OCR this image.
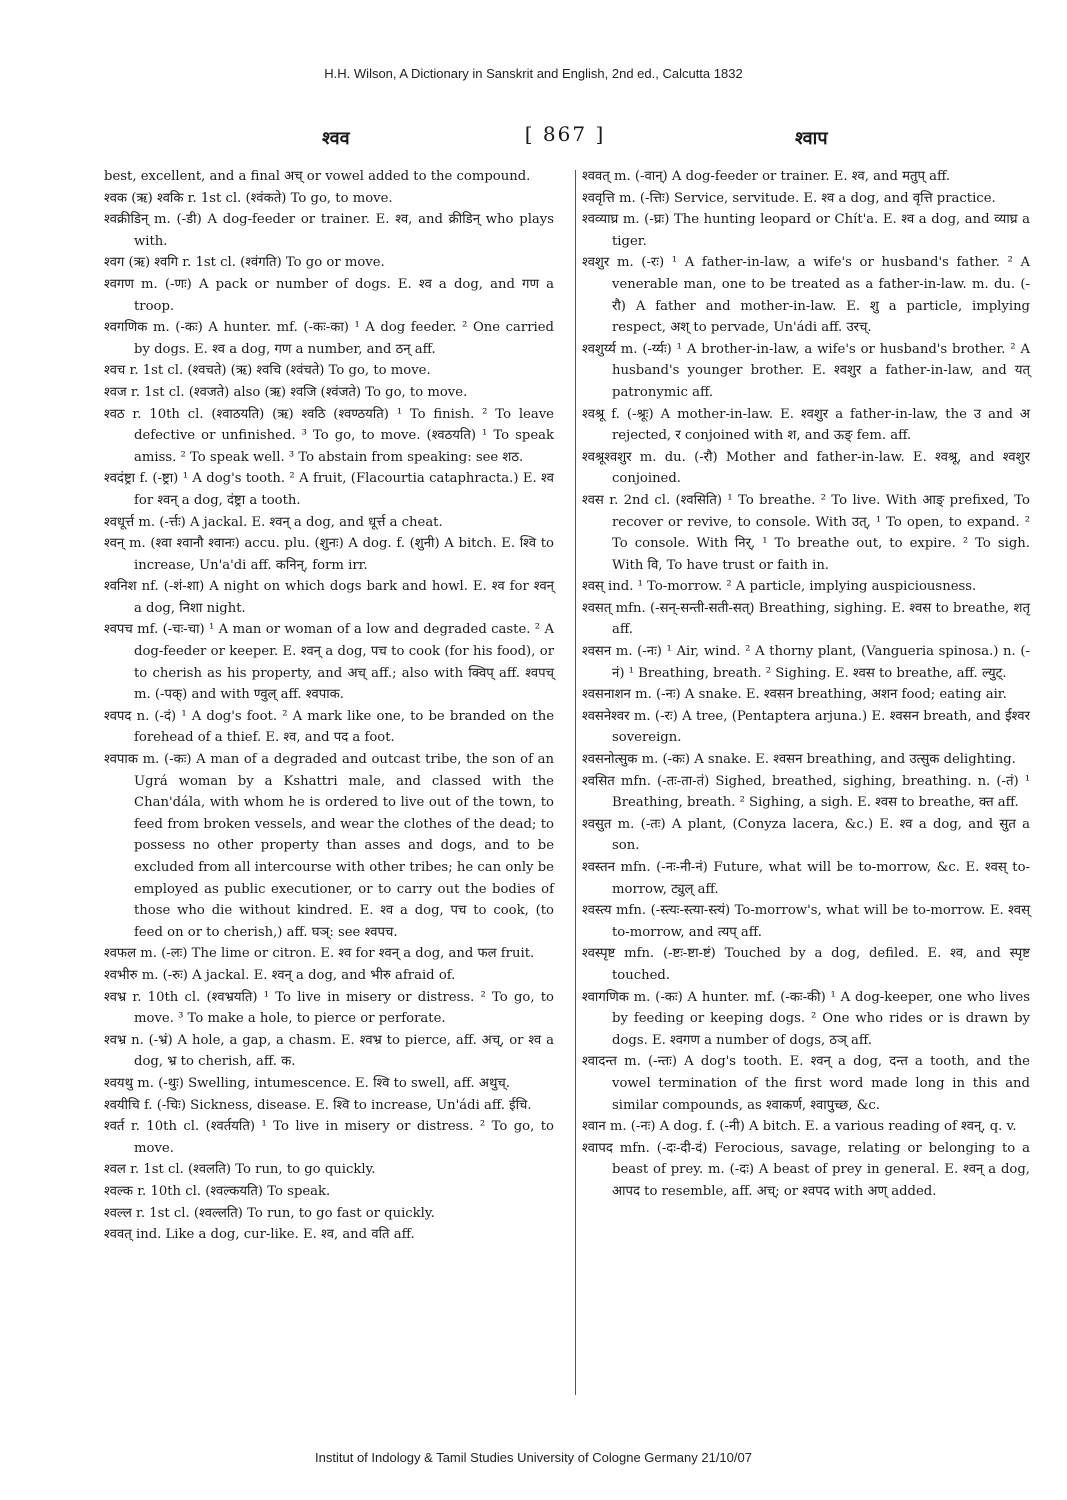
H.H. Wilson, A Dictionary in Sanskrit and English, 2nd ed., Calcutta 1832
श्वव	[ 867 ]	श्वाप

best, excellent, and a final अच् or vowel added to the compound.

श्वक (ऋ) श्वकि r. 1st cl. (श्वंकते) To go, to move.

श्वक्रीडिन् m. (-डी) A dog-feeder or trainer. E. श्व, and क्रीडिन् who plays with.

श्वग (ऋ) श्वगि r. 1st cl. (श्वंगति) To go or move.

श्वगण m. (-णः) A pack or number of dogs. E. श्व a dog, and गण a troop.

श्वगणिक m. (-कः) A hunter. mf. (-कः-का) ¹ A dog feeder. ² One carried by dogs. E. श्व a dog, गण a number, and ठन् aff.

श्वच r. 1st cl. (श्वचते) (ऋ) श्वचि (श्वंचते) To go, to move.

श्वज r. 1st cl. (श्वजते) also (ऋ) श्वजि (श्वंजते) To go, to move.

श्वठ r. 10th cl. (श्वाठयति) (ऋ) श्वठि (श्वण्ठयति) ¹ To finish. ² To leave defective or unfinished. ³ To go, to move. (श्वठयति) ¹ To speak amiss. ² To speak well. ³ To abstain from speaking: see शठ.

श्वदंष्ट्रा f. (-ष्ट्रा) ¹ A dog's tooth. ² A fruit, (Flacourtia cataphracta.) E. श्व for श्वन् a dog, दंष्ट्रा a tooth.

श्वधूर्त्त m. (-र्त्तः) A jackal. E. श्वन् a dog, and धूर्त्त a cheat.

श्वन् m. (श्वा श्वानौ श्वानः) accu. plu. (शुनः) A dog. f. (शुनी) A bitch. E. श्वि to increase, Un'a'di aff. कनिन्, form irr.

श्वनिश nf. (-शं-शा) A night on which dogs bark and howl. E. श्व for श्वन् a dog, निशा night.

श्वपच mf. (-चः-चा) ¹ A man or woman of a low and degraded caste. ² A dog-feeder or keeper. E. श्वन् a dog, पच to cook (for his food), or to cherish as his property, and अच् aff.; also with क्विप् aff. श्वपच् m. (-पक्) and with ण्वुल् aff. श्वपाक.

श्वपद n. (-दं) ¹ A dog's foot. ² A mark like one, to be branded on the forehead of a thief. E. श्व, and पद a foot.

श्वपाक m. (-कः) A man of a degraded and outcast tribe, the son of an Ugrá woman by a Kshattri male, and classed with the Chan'dála, with whom he is ordered to live out of the town, to feed from broken vessels, and wear the clothes of the dead; to possess no other property than asses and dogs, and to be excluded from all intercourse with other tribes; he can only be employed as public executioner, or to carry out the bodies of those who die without kindred. E. श्व a dog, पच to cook, (to feed on or to cherish,) aff. घञ्: see श्वपच.

श्वफल m. (-लः) The lime or citron. E. श्व for श्वन् a dog, and फल fruit.

श्वभीरु m. (-रुः) A jackal. E. श्वन् a dog, and भीरु afraid of.

श्वभ्र r. 10th cl. (श्वभ्रयति) ¹ To live in misery or distress. ² To go, to move. ³ To make a hole, to pierce or perforate.

श्वभ्र n. (-भ्रं) A hole, a gap, a chasm. E. श्वभ्र to pierce, aff. अच्, or श्व a dog, भ्र to cherish, aff. क.

श्वयथु m. (-थुः) Swelling, intumescence. E. श्वि to swell, aff. अथुच्.

श्वयीचि f. (-चिः) Sickness, disease. E. श्वि to increase, Un'ádi aff. ईचि.

श्वर्त r. 10th cl. (श्वर्तयति) ¹ To live in misery or distress. ² To go, to move.

श्वल r. 1st cl. (श्वलति) To run, to go quickly.

श्वल्क r. 10th cl. (श्वल्कयति) To speak.

श्वल्ल r. 1st cl. (श्वल्लति) To run, to go fast or quickly.

श्ववत् ind. Like a dog, cur-like. E. श्व, and वति aff.

श्ववत् m. (-वान्) A dog-feeder or trainer. E. श्व, and मतुप् aff.

श्ववृत्ति m. (-त्तिः) Service, servitude. E. श्व a dog, and वृत्ति practice.

श्वव्याघ्र m. (-घ्रः) The hunting leopard or Chít'a. E. श्व a dog, and व्याघ्र a tiger.

श्वशुर m. (-रः) ¹ A father-in-law, a wife's or husband's father. ² A venerable man, one to be treated as a father-in-law. m. du. (-रौ) A father and mother-in-law. E. शु a particle, implying respect, अश् to pervade, Un'ádi aff. उरच्.

श्वशुर्य्य m. (-र्य्यः) ¹ A brother-in-law, a wife's or husband's brother. ² A husband's younger brother. E. श्वशुर a father-in-law, and यत् patronymic aff.

श्वश्रू f. (-श्रूः) A mother-in-law. E. श्वशुर a father-in-law, the उ and अ rejected, र conjoined with श, and ऊङ् fem. aff.

श्वश्रूश्वशुर m. du. (-रौ) Mother and father-in-law. E. श्वश्रू, and श्वशुर conjoined.

श्वस r. 2nd cl. (श्वसिति) ¹ To breathe. ² To live. With आङ् prefixed, To recover or revive, to console. With उत्, ¹ To open, to expand. ² To console. With निर्, ¹ To breathe out, to expire. ² To sigh. With वि, To have trust or faith in.

श्वस् ind. ¹ To-morrow. ² A particle, implying auspiciousness.

श्वसत् mfn. (-सन्-सन्ती-सती-सत्) Breathing, sighing. E. श्वस to breathe, शतृ aff.

श्वसन m. (-नः) ¹ Air, wind. ² A thorny plant, (Vangueria spinosa.) n. (-नं) ¹ Breathing, breath. ² Sighing. E. श्वस to breathe, aff. ल्युट्.

श्वसनाशन m. (-नः) A snake. E. श्वसन breathing, अशन food; eating air.

श्वसनेश्वर m. (-रः) A tree, (Pentaptera arjuna.) E. श्वसन breath, and ईश्वर sovereign.

श्वसनोत्सुक m. (-कः) A snake. E. श्वसन breathing, and उत्सुक delighting.

श्वसित mfn. (-तः-ता-तं) Sighed, breathed, sighing, breathing. n. (-तं) ¹ Breathing, breath. ² Sighing, a sigh. E. श्वस to breathe, क्त aff.

श्वसुत m. (-तः) A plant, (Conyza lacera, &c.) E. श्व a dog, and सुत a son.

श्वस्तन mfn. (-नः-नी-नं) Future, what will be to-morrow, &c. E. श्वस् to-morrow, ट्युल् aff.

श्वस्त्य mfn. (-स्त्यः-स्त्या-स्त्यं) To-morrow's, what will be to-morrow. E. श्वस् to-morrow, and त्यप् aff.

श्वस्पृष्ट mfn. (-ष्टः-ष्टा-ष्टं) Touched by a dog, defiled. E. श्व, and स्पृष्ट touched.

श्वागणिक m. (-कः) A hunter. mf. (-कः-की) ¹ A dog-keeper, one who lives by feeding or keeping dogs. ² One who rides or is drawn by dogs. E. श्वगण a number of dogs, ठञ् aff.

श्वादन्त m. (-न्तः) A dog's tooth. E. श्वन् a dog, दन्त a tooth, and the vowel termination of the first word made long in this and similar compounds, as श्वाकर्ण, श्वापुच्छ, &c.

श्वान m. (-नः) A dog. f. (-नी) A bitch. E. a various reading of श्वन्, q. v.

श्वापद mfn. (-दः-दी-दं) Ferocious, savage, relating or belonging to a beast of prey. m. (-दः) A beast of prey in general. E. श्वन् a dog, आपद to resemble, aff. अच्; or श्वपद with अण् added.

Institut of Indology & Tamil Studies University of Cologne Germany 21/10/07
